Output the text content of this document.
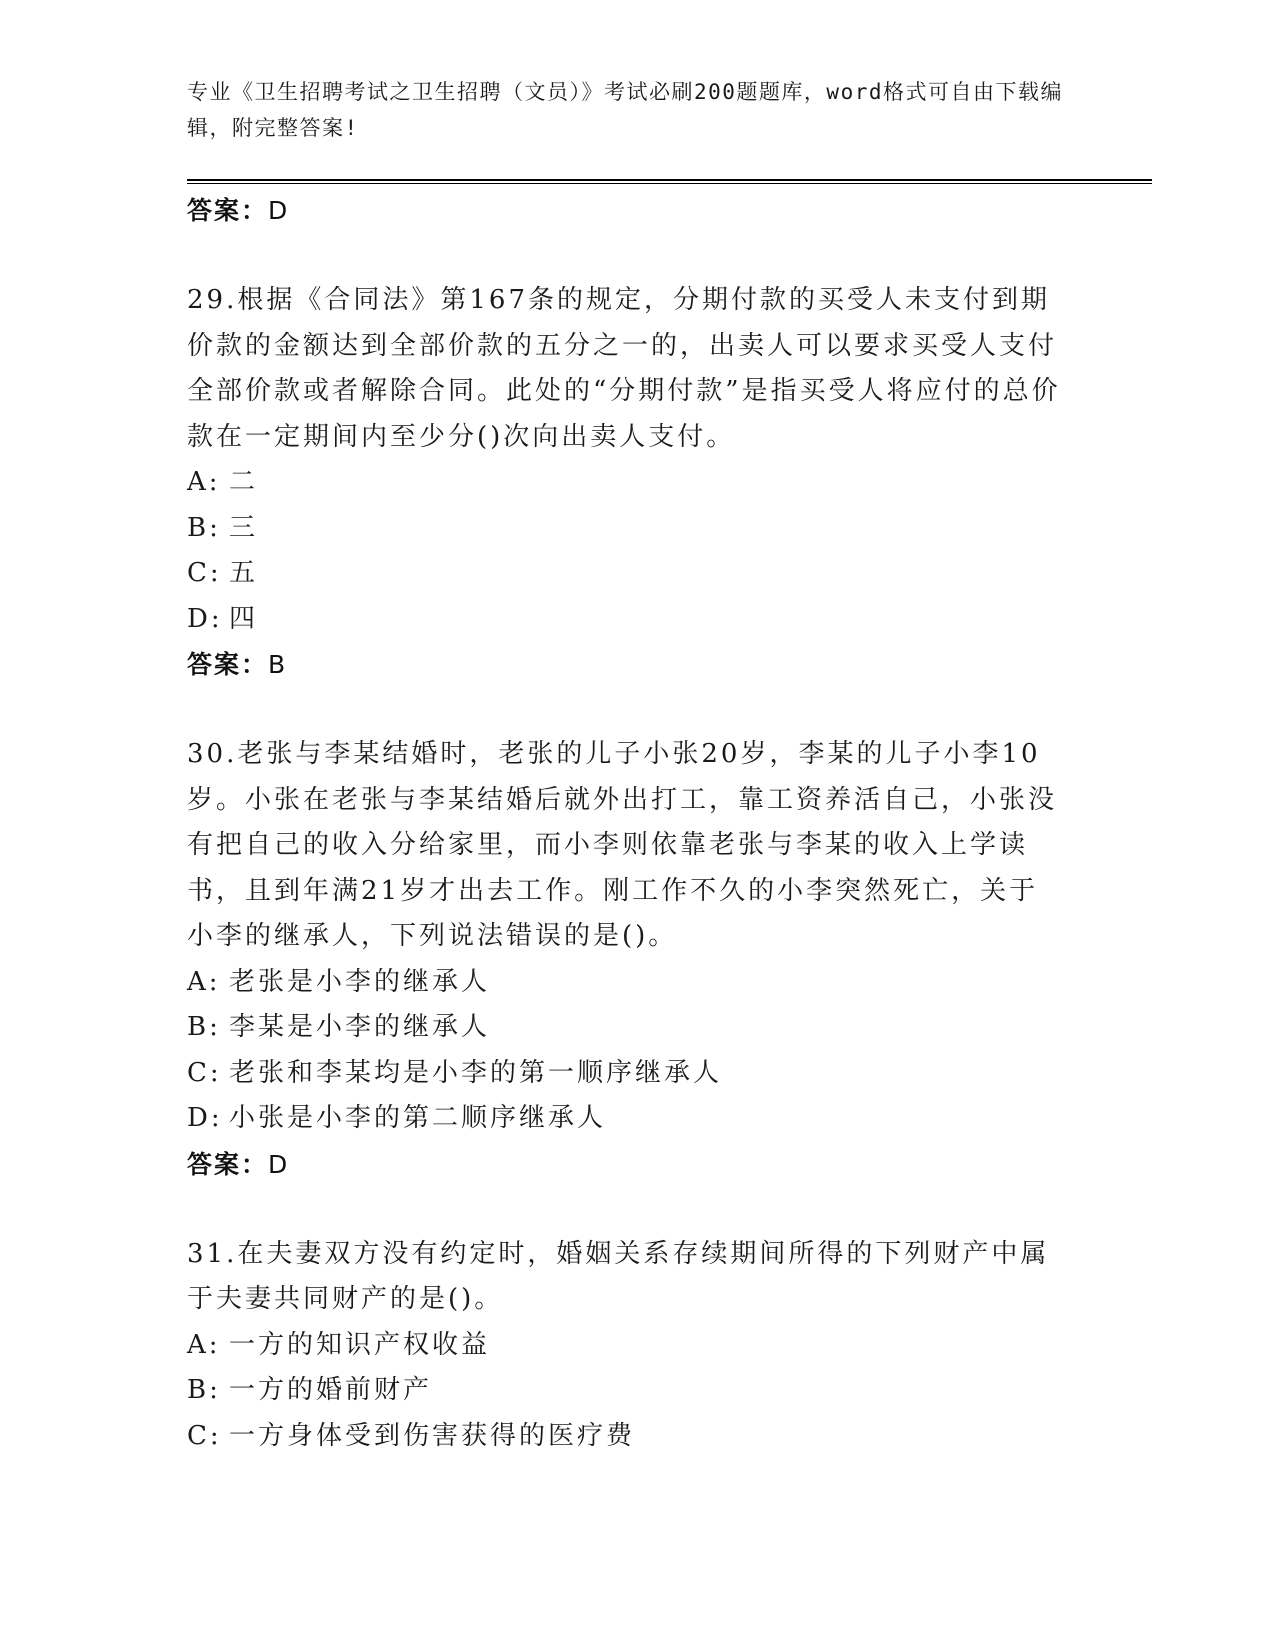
专业《卫生招聘考试之卫生招聘（文员）》考试必刷200题题库，word格式可自由下载编辑，附完整答案!
答案：D
29.根据《合同法》第167条的规定，分期付款的买受人未支付到期价款的金额达到全部价款的五分之一的，出卖人可以要求买受人支付全部价款或者解除合同。此处的“分期付款”是指买受人将应付的总价款在一定期间内至少分()次向出卖人支付。
A: 二
B: 三
C: 五
D: 四
答案：B
30.老张与李某结婚时，老张的儿子小张20岁，李某的儿子小李10岁。小张在老张与李某结婚后就外出打工，靠工资养活自己，小张没有把自己的收入分给家里，而小李则依靠老张与李某的收入上学读书，且到年满21岁才出去工作。刚工作不久的小李突然死亡，关于小李的继承人，下列说法错误的是()。
A: 老张是小李的继承人
B: 李某是小李的继承人
C: 老张和李某均是小李的第一顺序继承人
D: 小张是小李的第二顺序继承人
答案：D
31.在夫妻双方没有约定时，婚姻关系存续期间所得的下列财产中属于夫妻共同财产的是()。
A: 一方的知识产权收益
B: 一方的婚前财产
C: 一方身体受到伤害获得的医疗费
